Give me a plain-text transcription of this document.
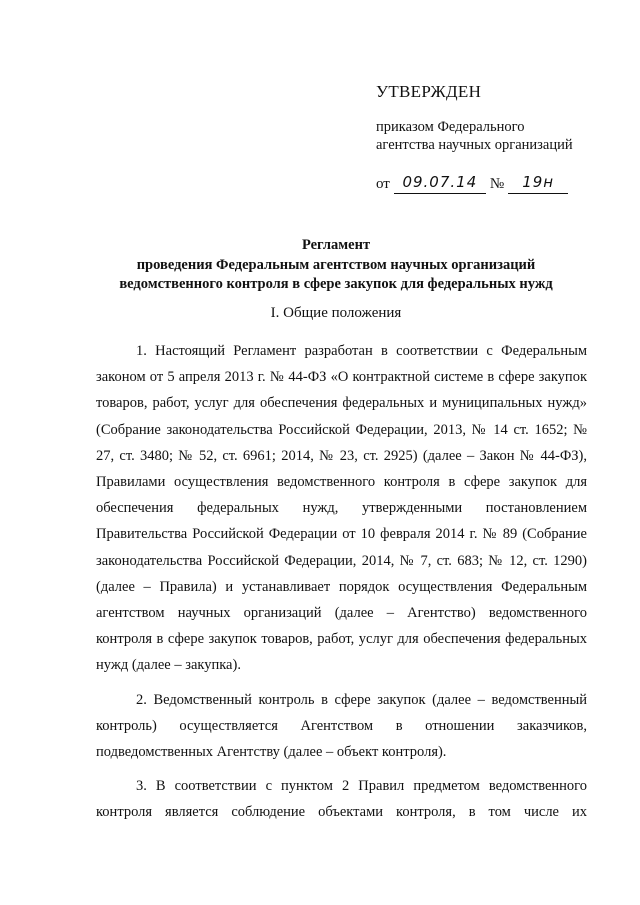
УТВЕРЖДЕН
приказом Федерального
агентства научных организаций
от 09.07.14 № 19н
Регламент
проведения Федеральным агентством научных организаций
ведомственного контроля в сфере закупок для федеральных нужд
I. Общие положения

1. Настоящий Регламент разработан в соответствии с Федеральным законом от 5 апреля 2013 г. № 44-ФЗ «О контрактной системе в сфере закупок товаров, работ, услуг для обеспечения федеральных и муниципальных нужд» (Собрание законодательства Российской Федерации, 2013, № 14 ст. 1652; № 27, ст. 3480; № 52, ст. 6961; 2014, № 23, ст. 2925) (далее – Закон № 44-ФЗ), Правилами осуществления ведомственного контроля в сфере закупок для обеспечения федеральных нужд, утвержденными постановлением Правительства Российской Федерации от 10 февраля 2014 г. № 89 (Собрание законодательства Российской Федерации, 2014, № 7, ст. 683; № 12, ст. 1290) (далее – Правила) и устанавливает порядок осуществления Федеральным агентством научных организаций (далее – Агентство) ведомственного контроля в сфере закупок товаров, работ, услуг для обеспечения федеральных нужд (далее – закупка).

2. Ведомственный контроль в сфере закупок (далее – ведомственный контроль) осуществляется Агентством в отношении заказчиков, подведомственных Агентству (далее – объект контроля).

3. В соответствии с пунктом 2 Правил предметом ведомственного контроля является соблюдение объектами контроля, в том числе их
